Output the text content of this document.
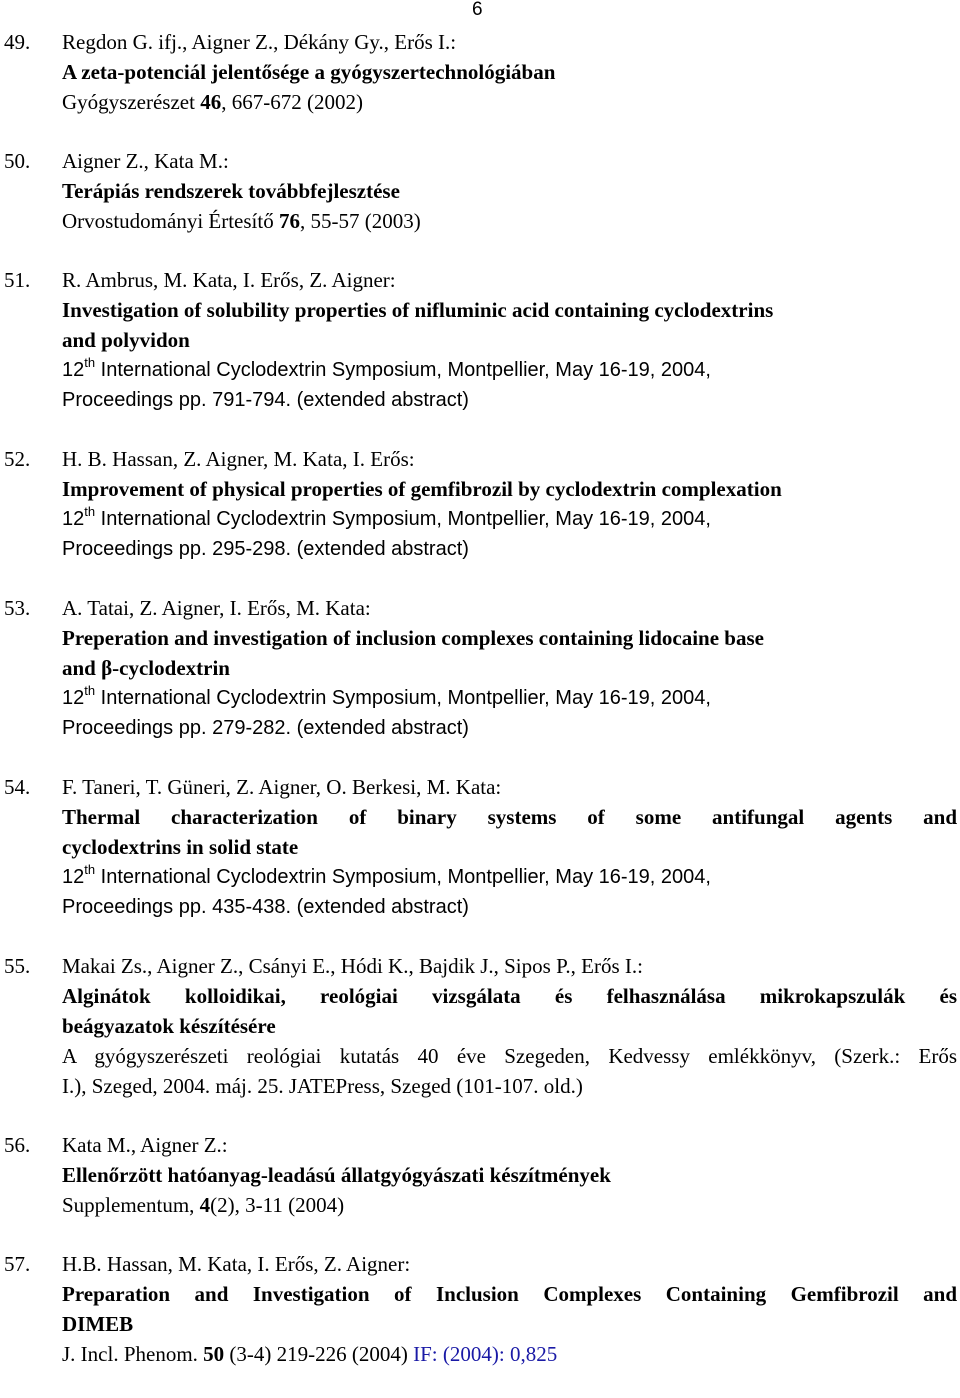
6
49.	Regdon G. ifj., Aigner Z., Dékány Gy., Erős I.:
A zeta-potenciál jelentősége a gyógyszertechnológiában
Gyógyszerészet 46, 667-672 (2002)
50.	Aigner Z., Kata M.:
Terápiás rendszerek továbbfejlesztése
Orvostudományi Értesítő 76, 55-57 (2003)
51.	R. Ambrus, M. Kata, I. Erős, Z. Aigner:
Investigation of solubility properties of nifluminic acid containing cyclodextrins
and polyvidon
12th International Cyclodextrin Symposium, Montpellier, May 16-19, 2004,
Proceedings pp. 791-794. (extended abstract)
52.	H. B. Hassan, Z. Aigner, M. Kata, I. Erős:
Improvement of physical properties of gemfibrozil by cyclodextrin complexation
12th International Cyclodextrin Symposium, Montpellier, May 16-19, 2004,
Proceedings pp. 295-298. (extended abstract)
53.	A. Tatai, Z. Aigner, I. Erős, M. Kata:
Preperation and investigation of inclusion complexes containing lidocaine base
and β-cyclodextrin
12th International Cyclodextrin Symposium, Montpellier, May 16-19, 2004,
Proceedings pp. 279-282. (extended abstract)
54.	F. Taneri, T. Güneri, Z. Aigner, O. Berkesi, M. Kata:
Thermal characterization of binary systems of some antifungal agents and
cyclodextrins in solid state
12th International Cyclodextrin Symposium, Montpellier, May 16-19, 2004,
Proceedings pp. 435-438. (extended abstract)
55.	Makai Zs., Aigner Z., Csányi E., Hódi K., Bajdik J., Sipos P., Erős I.:
Alginátok kolloidikai, reológiai vizsgálata és felhasználása mikrokapszulák és
beágyazatok készítésére
A gyógyszerészeti reológiai kutatás 40 éve Szegeden, Kedvessy emlékkönyv, (Szerk.: Erős
I.), Szeged, 2004. máj. 25. JATEPress, Szeged (101-107. old.)
56.	Kata M., Aigner Z.:
Ellenőrzött hatóanyag-leadású állatgyógyászati készítmények
Supplementum, 4(2), 3-11 (2004)
57.	H.B. Hassan, M. Kata, I. Erős, Z. Aigner:
Preparation and Investigation of Inclusion Complexes Containing Gemfibrozil and
DIMEB
J. Incl. Phenom. 50 (3-4) 219-226 (2004) IF: (2004): 0,825
